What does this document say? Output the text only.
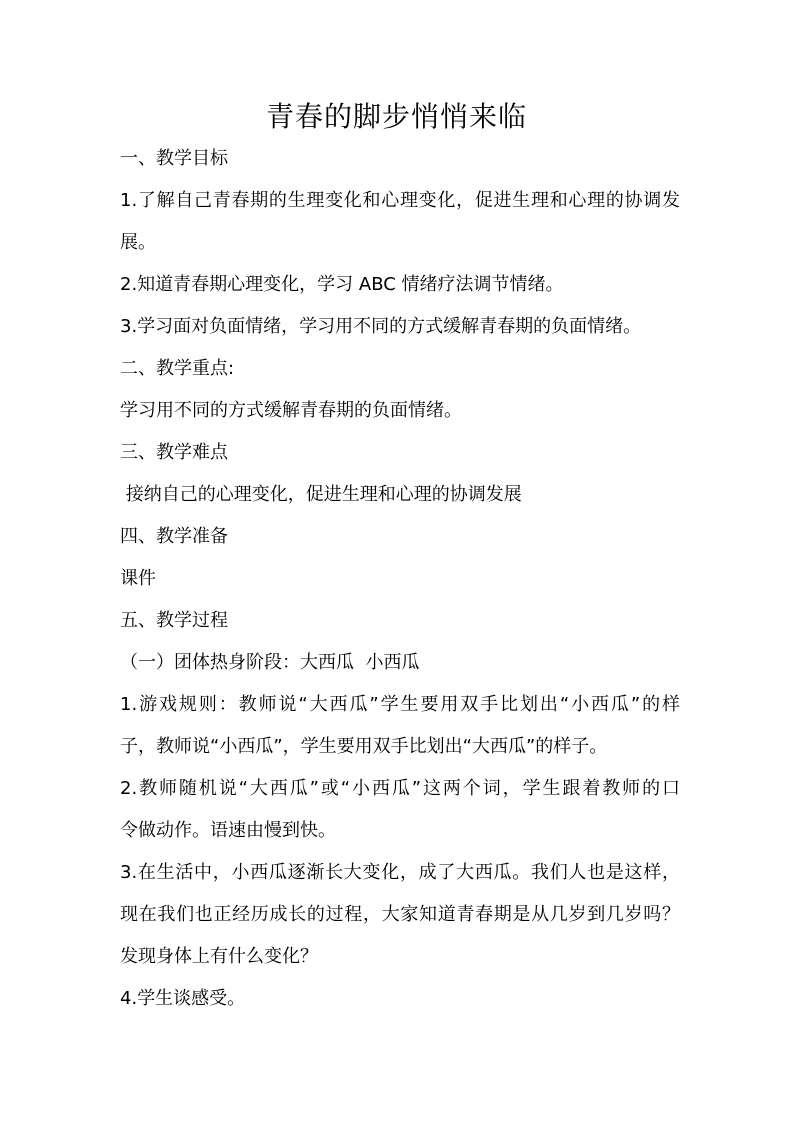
青春的脚步悄悄来临
一、教学目标
1.了解自己青春期的生理变化和心理变化，促进生理和心理的协调发
展。
2.知道青春期心理变化，学习 ABC 情绪疗法调节情绪。
3.学习面对负面情绪，学习用不同的方式缓解青春期的负面情绪。
二、教学重点:
学习用不同的方式缓解青春期的负面情绪。
三、教学难点
接纳自己的心理变化，促进生理和心理的协调发展
四、教学准备
课件
五、教学过程
（一）团体热身阶段：大西瓜  小西瓜
1.游戏规则：教师说“大西瓜”学生要用双手比划出“小西瓜”的样
子，教师说“小西瓜”，学生要用双手比划出“大西瓜”的样子。
2.教师随机说“大西瓜”或“小西瓜”这两个词，学生跟着教师的口
令做动作。语速由慢到快。
3.在生活中，小西瓜逐渐长大变化，成了大西瓜。我们人也是这样，
现在我们也正经历成长的过程，大家知道青春期是从几岁到几岁吗？
发现身体上有什么变化？
4.学生谈感受。
